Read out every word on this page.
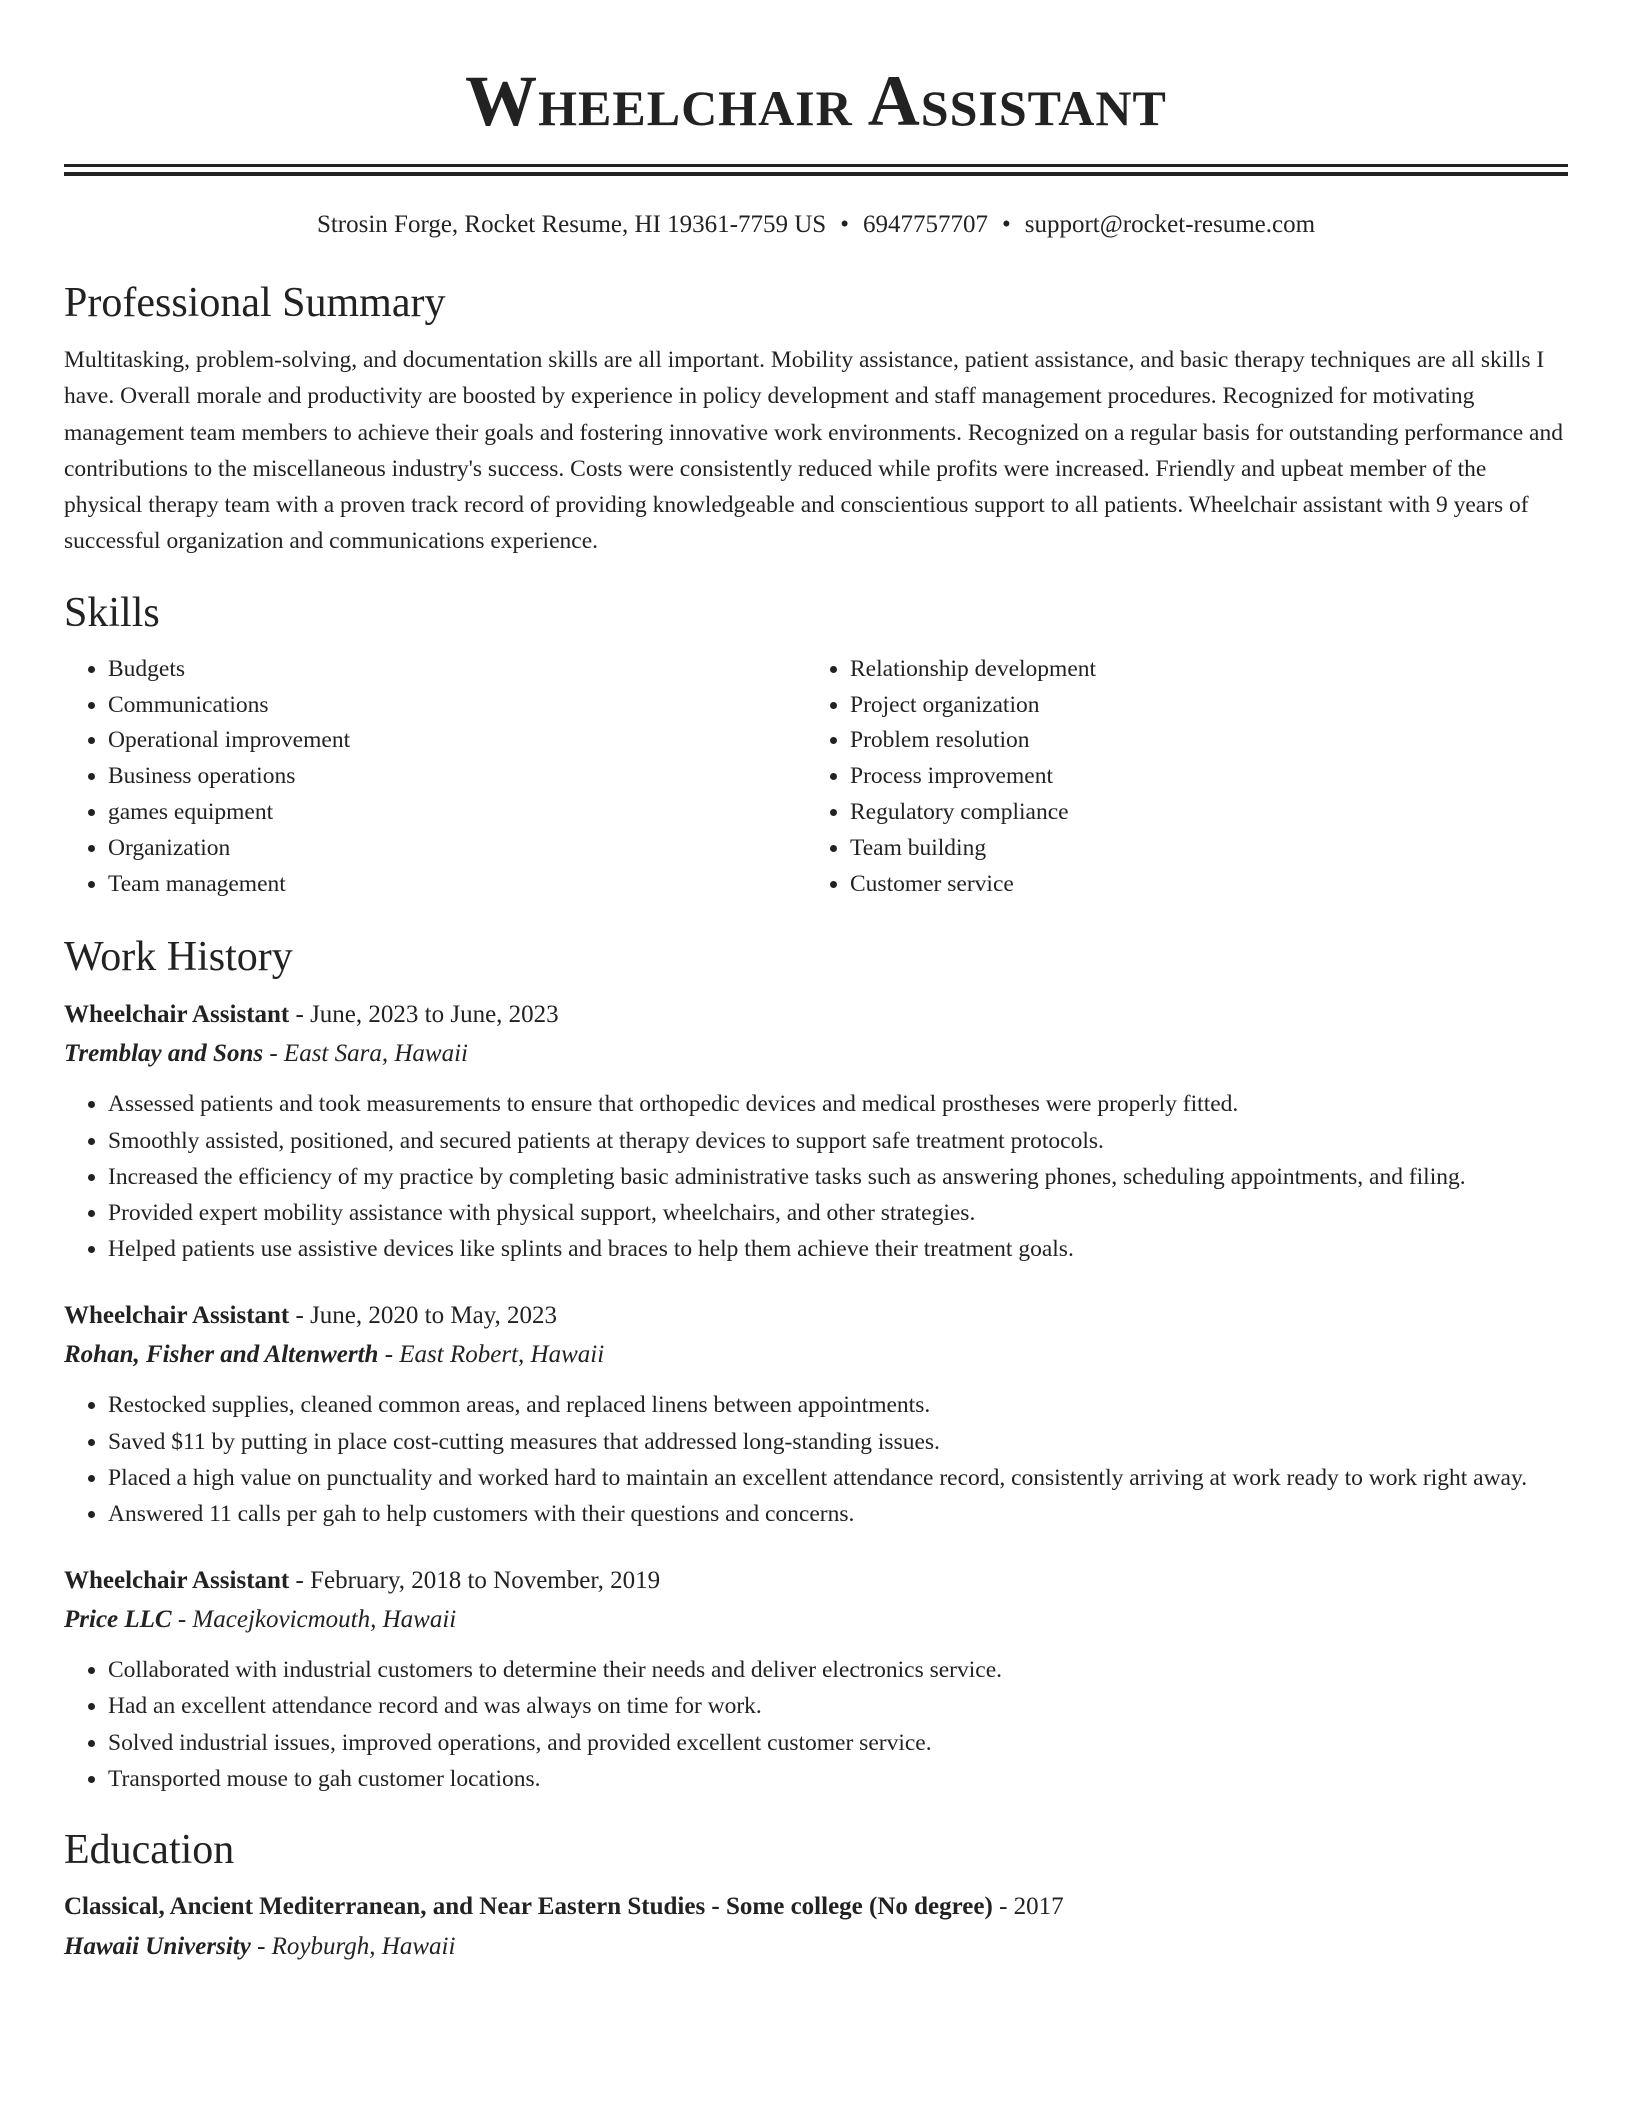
Wheelchair Assistant
Strosin Forge, Rocket Resume, HI 19361-7759 US • 6947757707 • support@rocket-resume.com
Professional Summary

Multitasking, problem-solving, and documentation skills are all important. Mobility assistance, patient assistance, and basic therapy techniques are all skills I have. Overall morale and productivity are boosted by experience in policy development and staff management procedures. Recognized for motivating management team members to achieve their goals and fostering innovative work environments. Recognized on a regular basis for outstanding performance and contributions to the miscellaneous industry's success. Costs were consistently reduced while profits were increased. Friendly and upbeat member of the physical therapy team with a proven track record of providing knowledgeable and conscientious support to all patients. Wheelchair assistant with 9 years of successful organization and communications experience.

Skills
• Budgets
• Communications
• Operational improvement
• Business operations
• games equipment
• Organization
• Team management
• Relationship development
• Project organization
• Problem resolution
• Process improvement
• Regulatory compliance
• Team building
• Customer service
Work History
Wheelchair Assistant - June, 2023 to June, 2023
Tremblay and Sons - East Sara, Hawaii
• Assessed patients and took measurements to ensure that orthopedic devices and medical prostheses were properly fitted.
• Smoothly assisted, positioned, and secured patients at therapy devices to support safe treatment protocols.
• Increased the efficiency of my practice by completing basic administrative tasks such as answering phones, scheduling appointments, and filing.
• Provided expert mobility assistance with physical support, wheelchairs, and other strategies.
• Helped patients use assistive devices like splints and braces to help them achieve their treatment goals.
Wheelchair Assistant - June, 2020 to May, 2023
Rohan, Fisher and Altenwerth - East Robert, Hawaii
• Restocked supplies, cleaned common areas, and replaced linens between appointments.
• Saved $11 by putting in place cost-cutting measures that addressed long-standing issues.
• Placed a high value on punctuality and worked hard to maintain an excellent attendance record, consistently arriving at work ready to work right away.
• Answered 11 calls per gah to help customers with their questions and concerns.
Wheelchair Assistant - February, 2018 to November, 2019
Price LLC - Macejkovicmouth, Hawaii
• Collaborated with industrial customers to determine their needs and deliver electronics service.
• Had an excellent attendance record and was always on time for work.
• Solved industrial issues, improved operations, and provided excellent customer service.
• Transported mouse to gah customer locations.
Education
Classical, Ancient Mediterranean, and Near Eastern Studies - Some college (No degree) - 2017
Hawaii University - Royburgh, Hawaii
